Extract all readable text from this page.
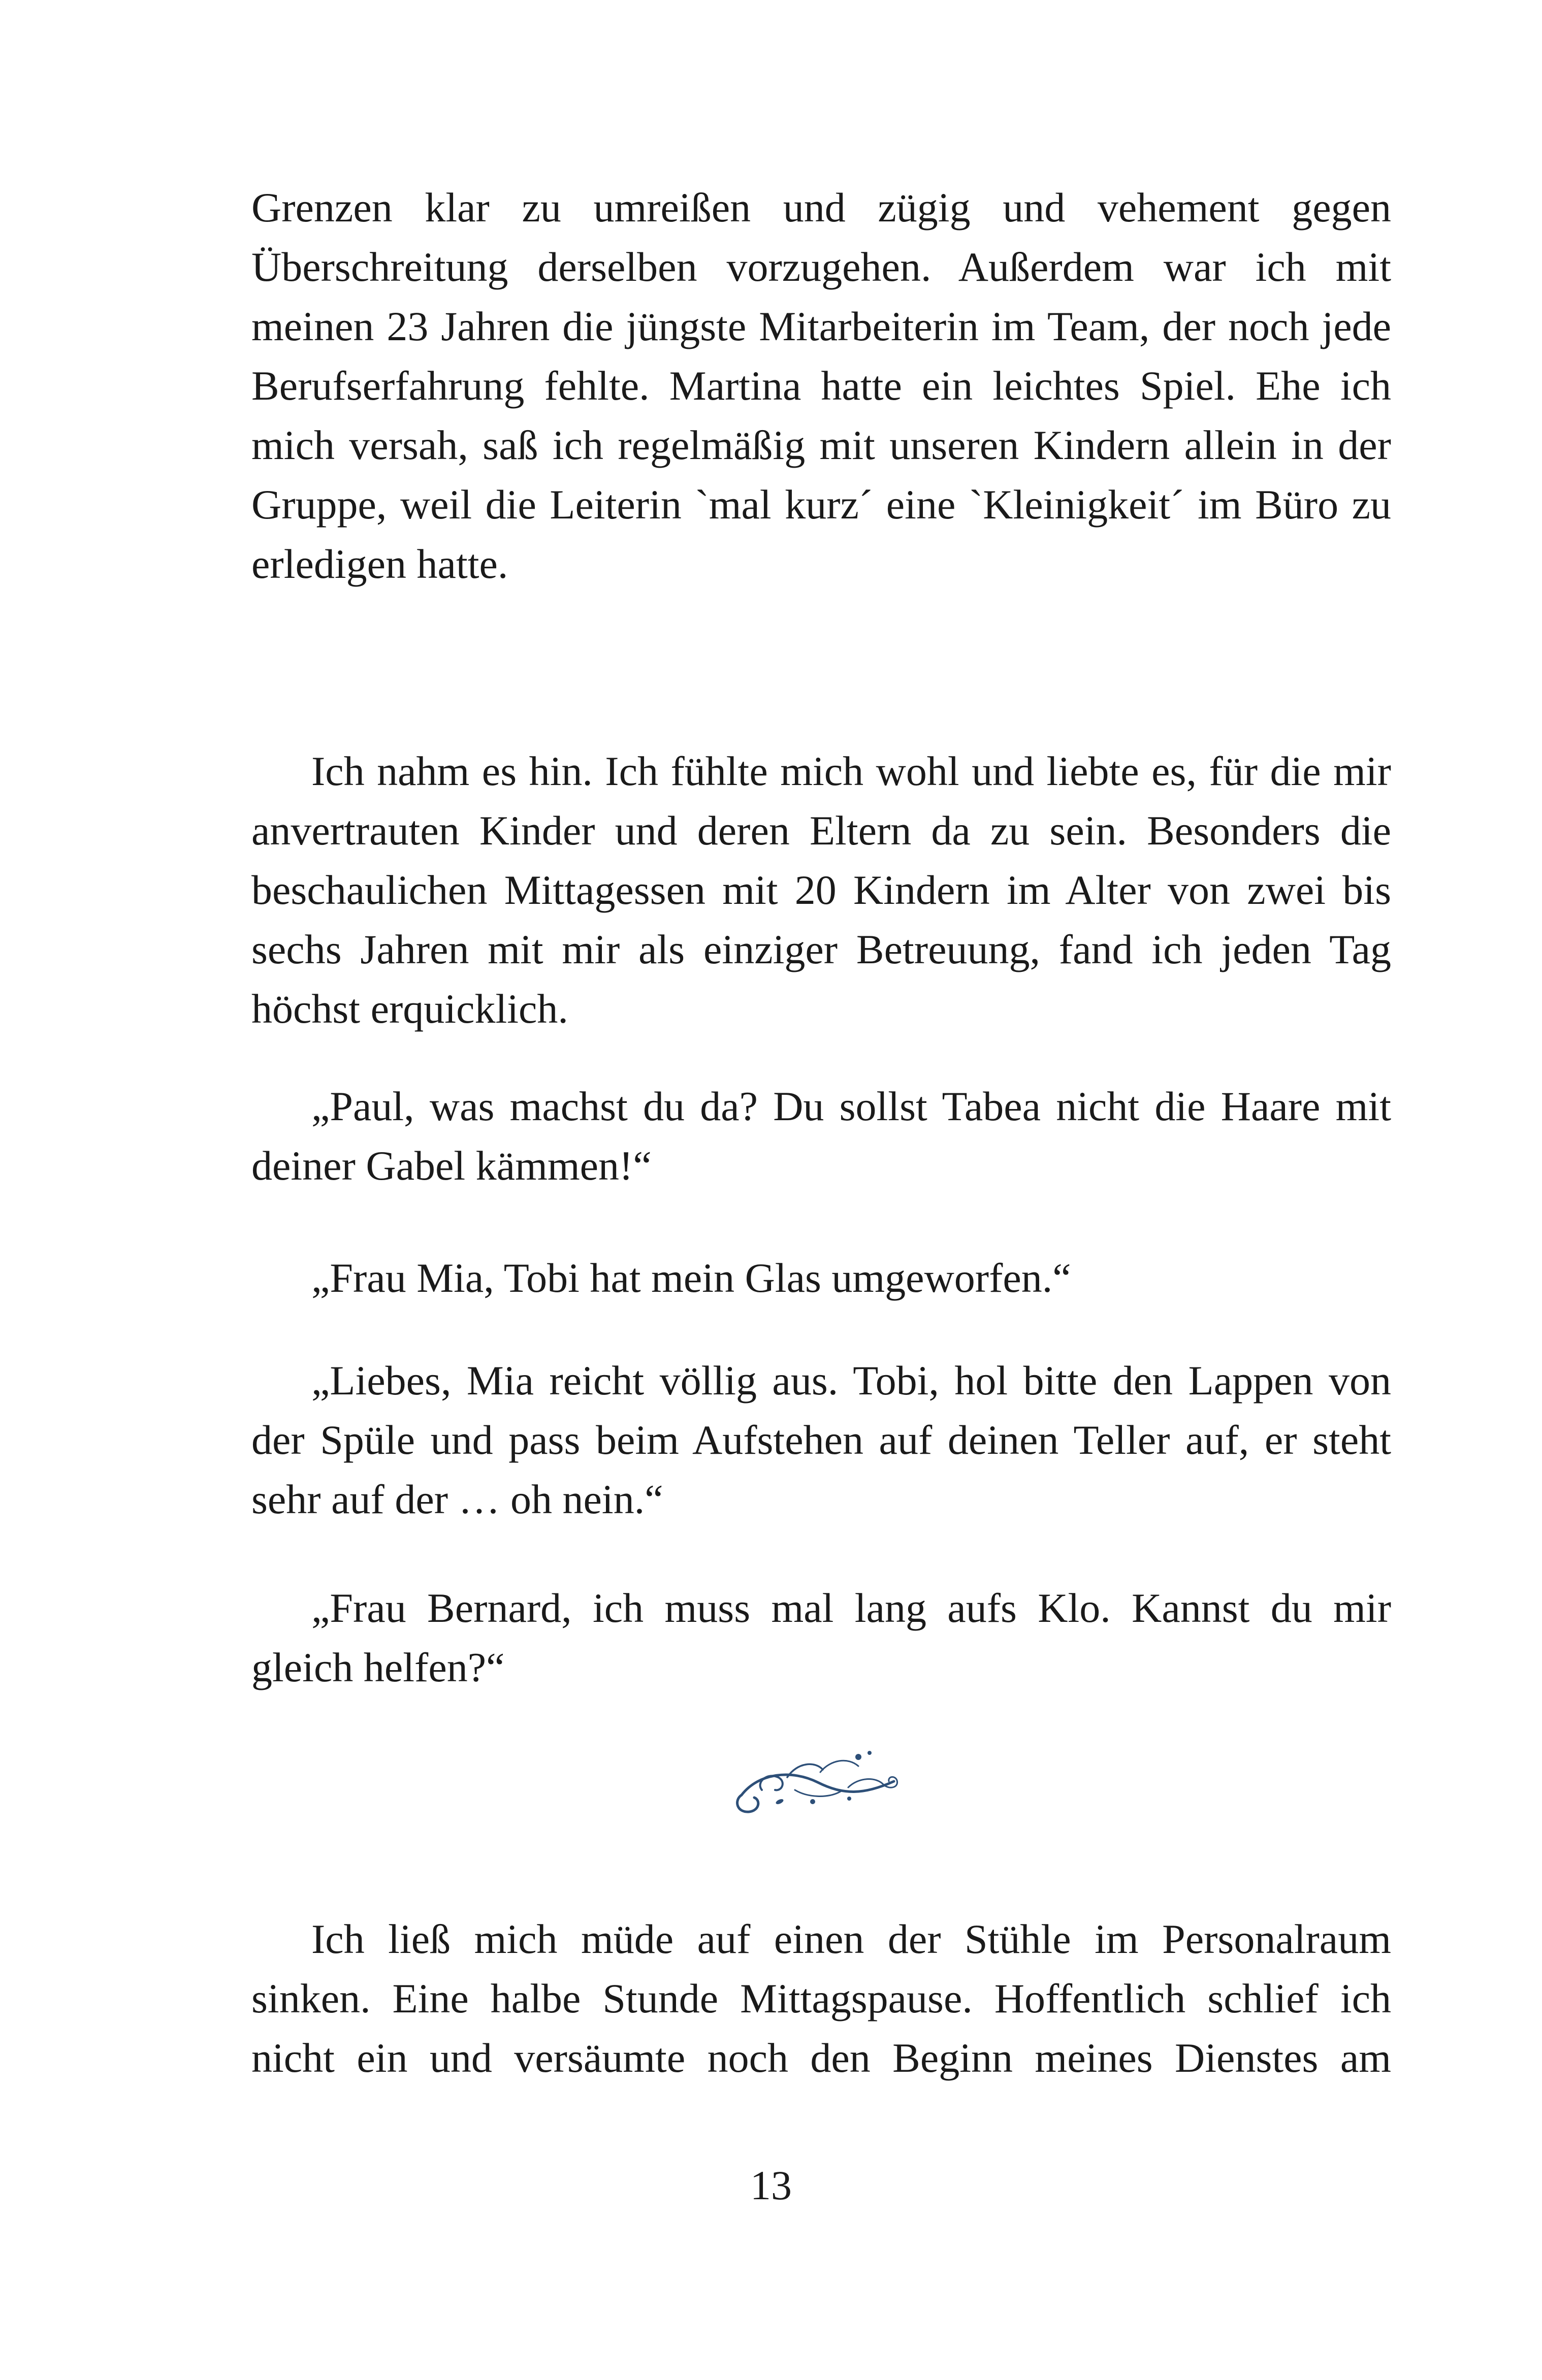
Grenzen klar zu umreißen und zügig und vehement gegen Überschreitung derselben vorzugehen. Außerdem war ich mit meinen 23 Jahren die jüngste Mitarbeiterin im Team, der noch jede Berufserfahrung fehlte. Martina hatte ein leichtes Spiel. Ehe ich mich versah, saß ich regelmäßig mit unseren Kindern allein in der Gruppe, weil die Leiterin `mal kurz´ eine `Kleinigkeit´ im Büro zu erledigen hatte.

Ich nahm es hin. Ich fühlte mich wohl und liebte es, für die mir anvertrauten Kinder und deren Eltern da zu sein. Besonders die beschaulichen Mittagessen mit 20 Kindern im Alter von zwei bis sechs Jahren mit mir als einziger Betreuung, fand ich jeden Tag höchst erquicklich.

„Paul, was machst du da? Du sollst Tabea nicht die Haare mit deiner Gabel kämmen!“

„Frau Mia, Tobi hat mein Glas umgeworfen.“

„Liebes, Mia reicht völlig aus. Tobi, hol bitte den Lappen von der Spüle und pass beim Aufstehen auf deinen Teller auf, er steht sehr auf der … oh nein.“

„Frau Bernard, ich muss mal lang aufs Klo. Kannst du mir gleich helfen?“

Ich ließ mich müde auf einen der Stühle im Personalraum sinken. Eine halbe Stunde Mittagspause. Hoffentlich schlief ich nicht ein und versäumte noch den Beginn meines Dienstes am

13
